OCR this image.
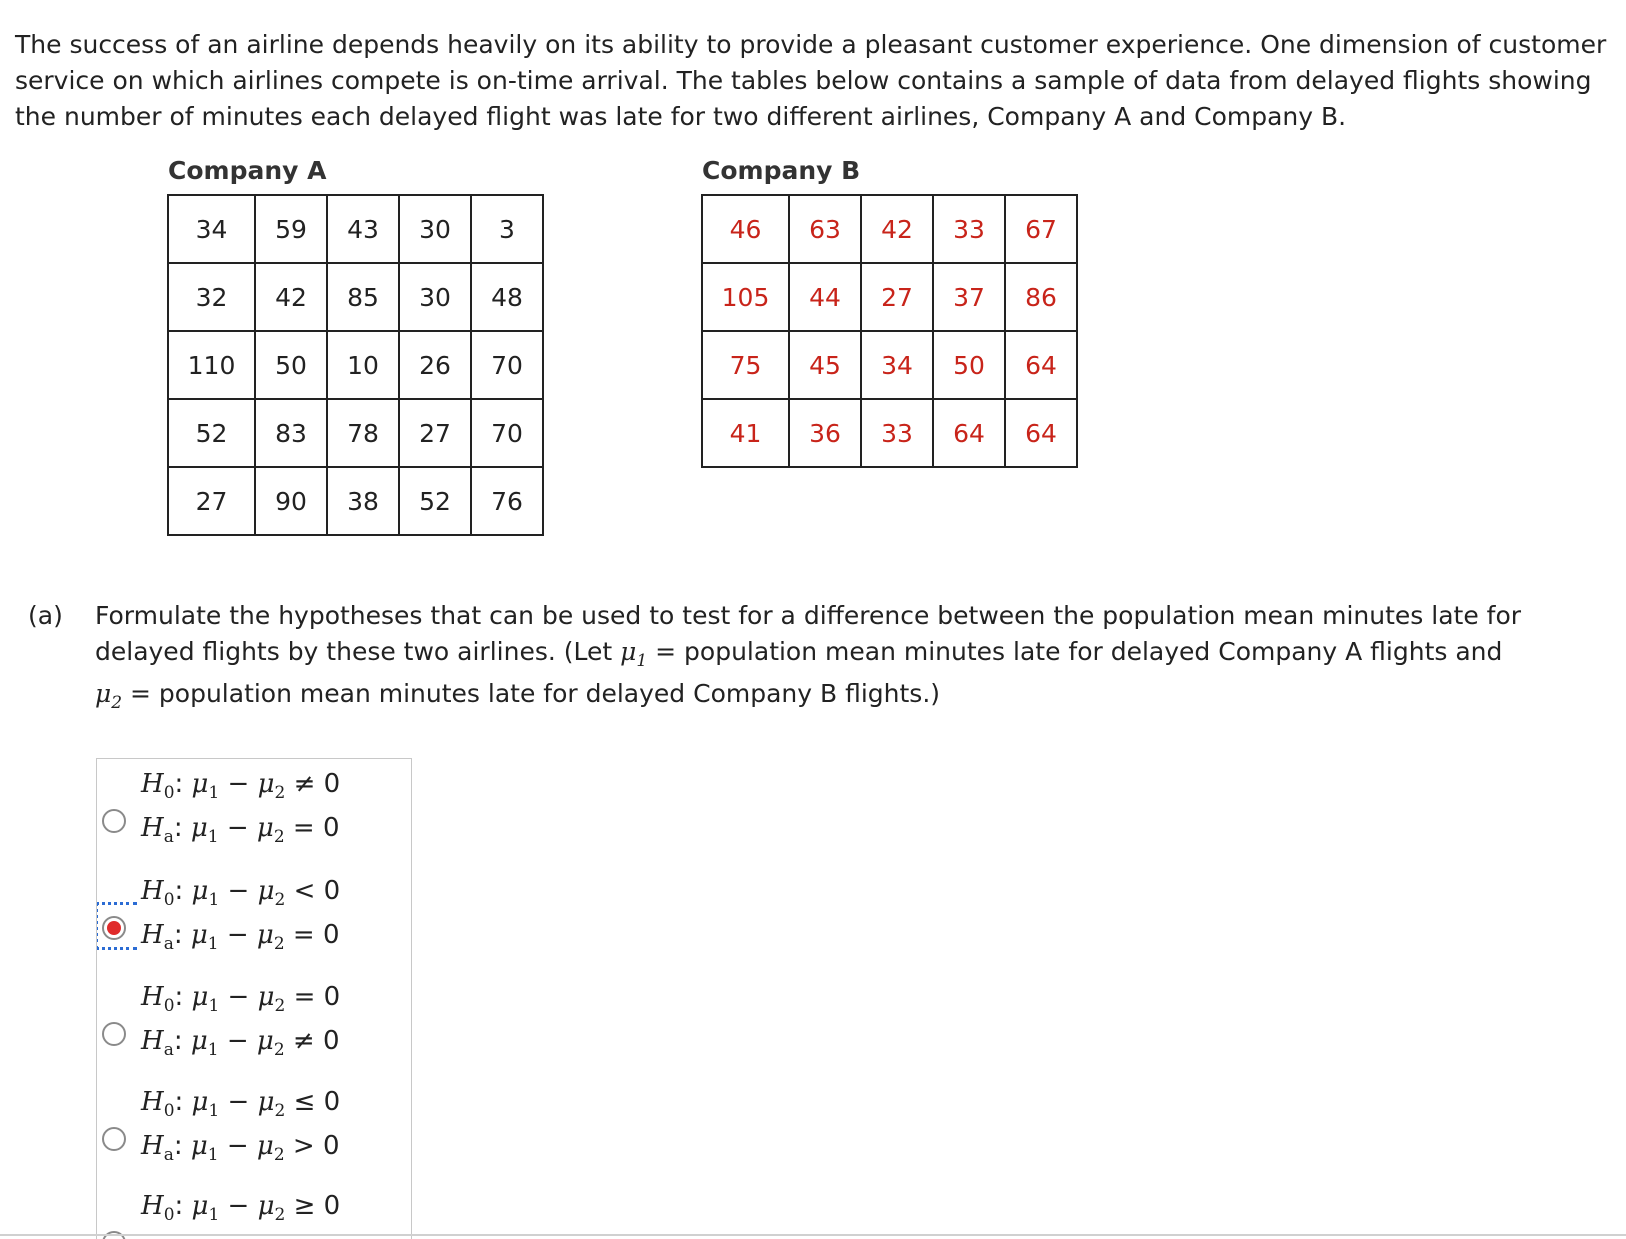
The success of an airline depends heavily on its ability to provide a pleasant customer experience. One dimension of customer service on which airlines compete is on-time arrival. The tables below contains a sample of data from delayed flights showing the number of minutes each delayed flight was late for two different airlines, Company A and Company B.

Company A	Company B
34	59	43	30	3
32	42	85	30	48
110	50	10	26	70
52	83	78	27	70
27	90	38	52	76
46	63	42	33	67
105	44	27	37	86
75	45	34	50	64
41	36	33	64	64
(a) Formulate the hypotheses that can be used to test for a difference between the population mean minutes late for delayed flights by these two airlines. (Let $\mu_1$ = population mean minutes late for delayed Company A flights and
$\mu_2$ = population mean minutes late for delayed Company B flights.)
$H_0$: $\mu_1 - \mu_2 \ne 0$
$H_a$: $\mu_1 - \mu_2 = 0$
$H_0$: $\mu_1 - \mu_2 < 0$
$H_a$: $\mu_1 - \mu_2 = 0$
$H_0$: $\mu_1 - \mu_2 = 0$
$H_a$: $\mu_1 - \mu_2 \ne 0$
$H_0$: $\mu_1 - \mu_2 \le 0$
$H_a$: $\mu_1 - \mu_2 > 0$
$H_0$: $\mu_1 - \mu_2 \ge 0$
